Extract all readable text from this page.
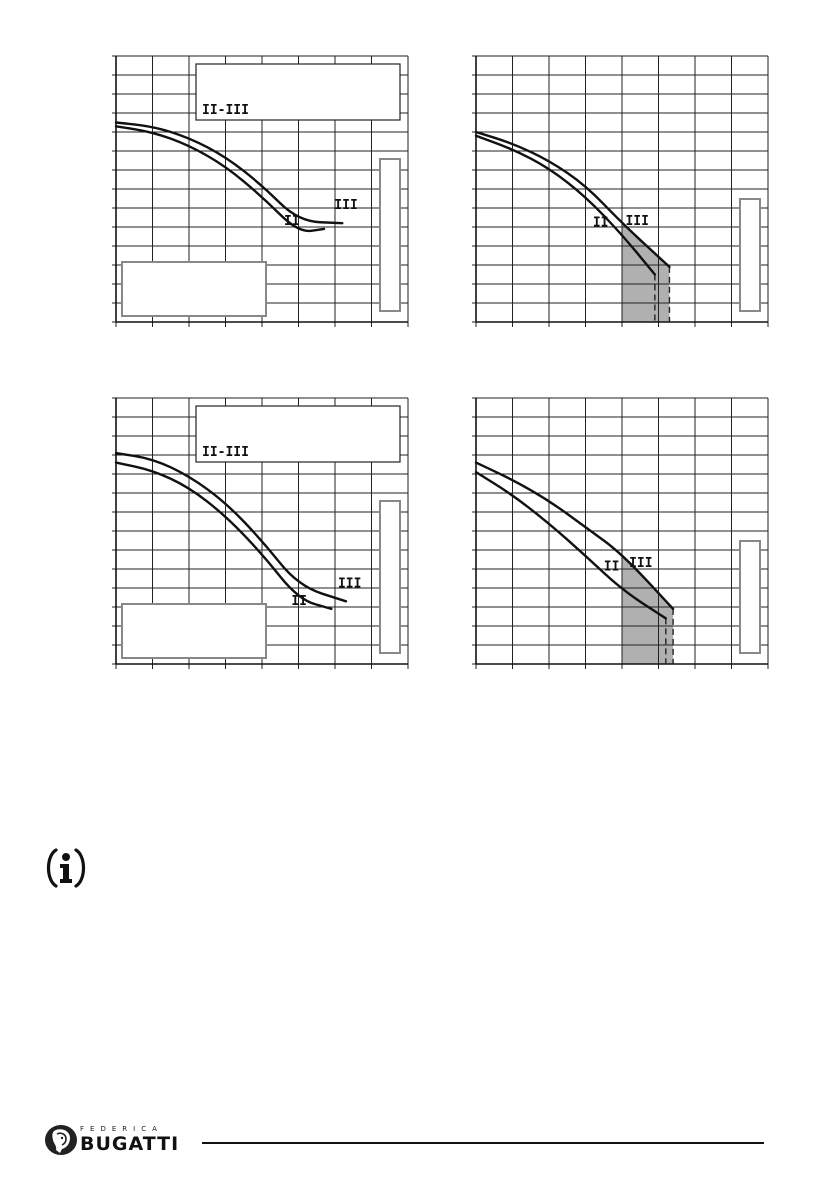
II
III
II-III
II III
II
III
II-III
II III
FEDERICA
BUGATTI
